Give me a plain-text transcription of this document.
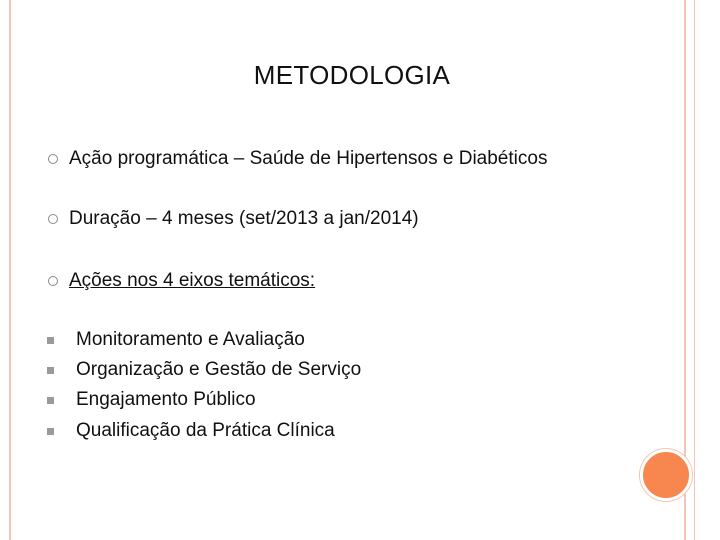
METODOLOGIA
Ação programática – Saúde de Hipertensos e Diabéticos
Duração – 4 meses (set/2013 a jan/2014)
Ações nos 4 eixos temáticos:
Monitoramento e Avaliação
Organização e Gestão de Serviço
Engajamento Público
Qualificação da Prática Clínica
